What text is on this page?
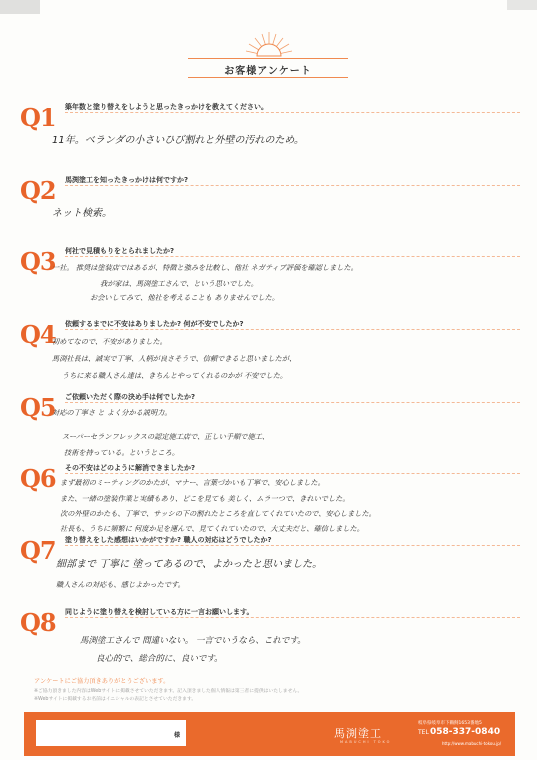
お客様アンケート
Q1 築年数と塗り替えをしようと思ったきっかけを教えてください。
11年。ベランダの小さいひび割れと外壁の汚れのため。
Q2 馬渕塗工を知ったきっかけは何ですか?
ネット検索。
Q3 何社で見積もりをとられましたか?
一社。 推奨は塗装店ではあるが、特徴と強みを比較し、他社 ネガティブ評価を確認しました。
我が家は、馬渕塗工さんで、という思いでした。
お会いしてみて、他社を考えることも ありませんでした。
Q4 依頼するまでに不安はありましたか? 何が不安でしたか?
初めてなので、不安がありました。
馬渕社長は、誠実で丁寧、人柄が良さそうで、信頼できると思いましたが、
うちに来る職人さん達は、きちんとやってくれるのかが 不安でした。
Q5 ご依頼いただく際の決め手は何でしたか?
対応の丁寧さ と よく分かる説明力。
スーパーセランフレックスの認定施工店で、正しい手順で施工、
技術を持っている。というところ。
Q6 その不安はどのように解消できましたか?
まず最初のミーティングのかたが、マナー、言葉づかいも丁寧で、安心しました。
また、一緒の塗装作業と実績もあり、どこを見ても 美しく、ムラ一つで、きれいでした。
次の外壁のかたも、丁寧で、サッシの下の割れたところを直してくれていたので、安心しました。
社長も、うちに頻繁に 何度か足を運んで、見てくれていたので、大丈夫だと、確信しました。
Q7 塗り替えをした感想はいかがですか? 職人の対応はどうでしたか?
細部まで 丁寧に 塗ってあるので、よかったと思いました。
職人さんの対応も、感じよかったです。
Q8 同じように塗り替えを検討している方に一言お願いします。
馬渕塗工さんで 間違いない。 一言でいうなら、これです。
良心的で、総合的に、良いです。
アンケートにご協力頂きありがとうございます。
※ご協力頂きました内容はWebサイトに掲載させていただきます。記入頂きました個人情報は第三者に提供はいたしません。
※Webサイトに掲載するお名前はイニシャルの表記とさせていただきます。
様	馬渕塗工
MABUCHI TOKO
岐阜県岐阜市下鵜飼1653番地5
TEL 058-337-0840
http://www.mabuchi-tokou.jp/
